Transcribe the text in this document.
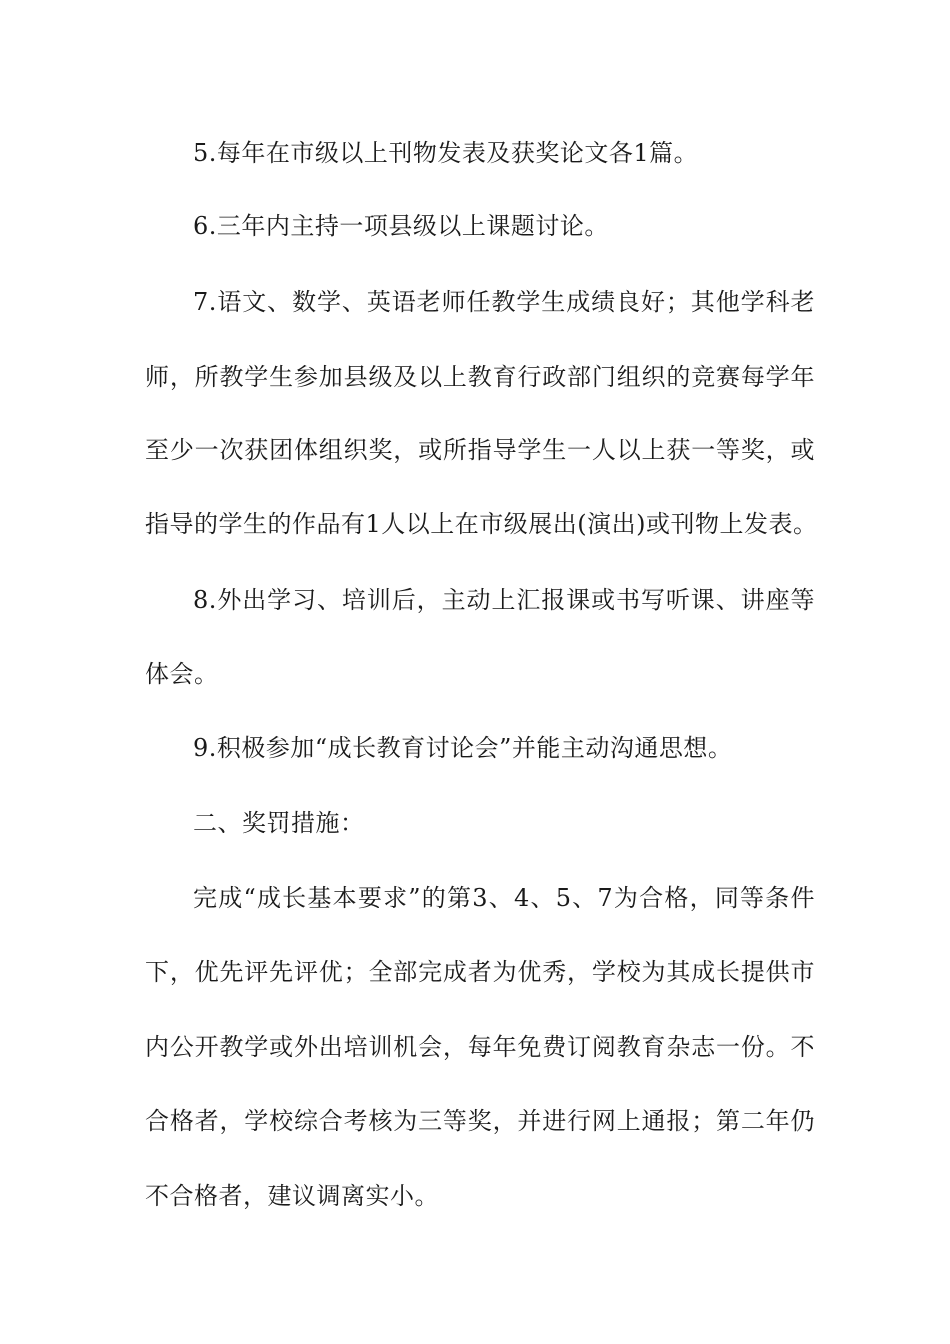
5.每年在市级以上刊物发表及获奖论文各1篇。
6.三年内主持一项县级以上课题讨论。
7.语文、数学、英语老师任教学生成绩良好；其他学科老
师，所教学生参加县级及以上教育行政部门组织的竞赛每学年
至少一次获团体组织奖，或所指导学生一人以上获一等奖，或
指导的学生的作品有1人以上在市级展出(演出)或刊物上发表。
8.外出学习、培训后，主动上汇报课或书写听课、讲座等
体会。
9.积极参加“成长教育讨论会”并能主动沟通思想。
二、奖罚措施：
完成“成长基本要求”的第3、4、5、7为合格，同等条件
下，优先评先评优；全部完成者为优秀，学校为其成长提供市
内公开教学或外出培训机会，每年免费订阅教育杂志一份。不
合格者，学校综合考核为三等奖，并进行网上通报；第二年仍
不合格者，建议调离实小。
